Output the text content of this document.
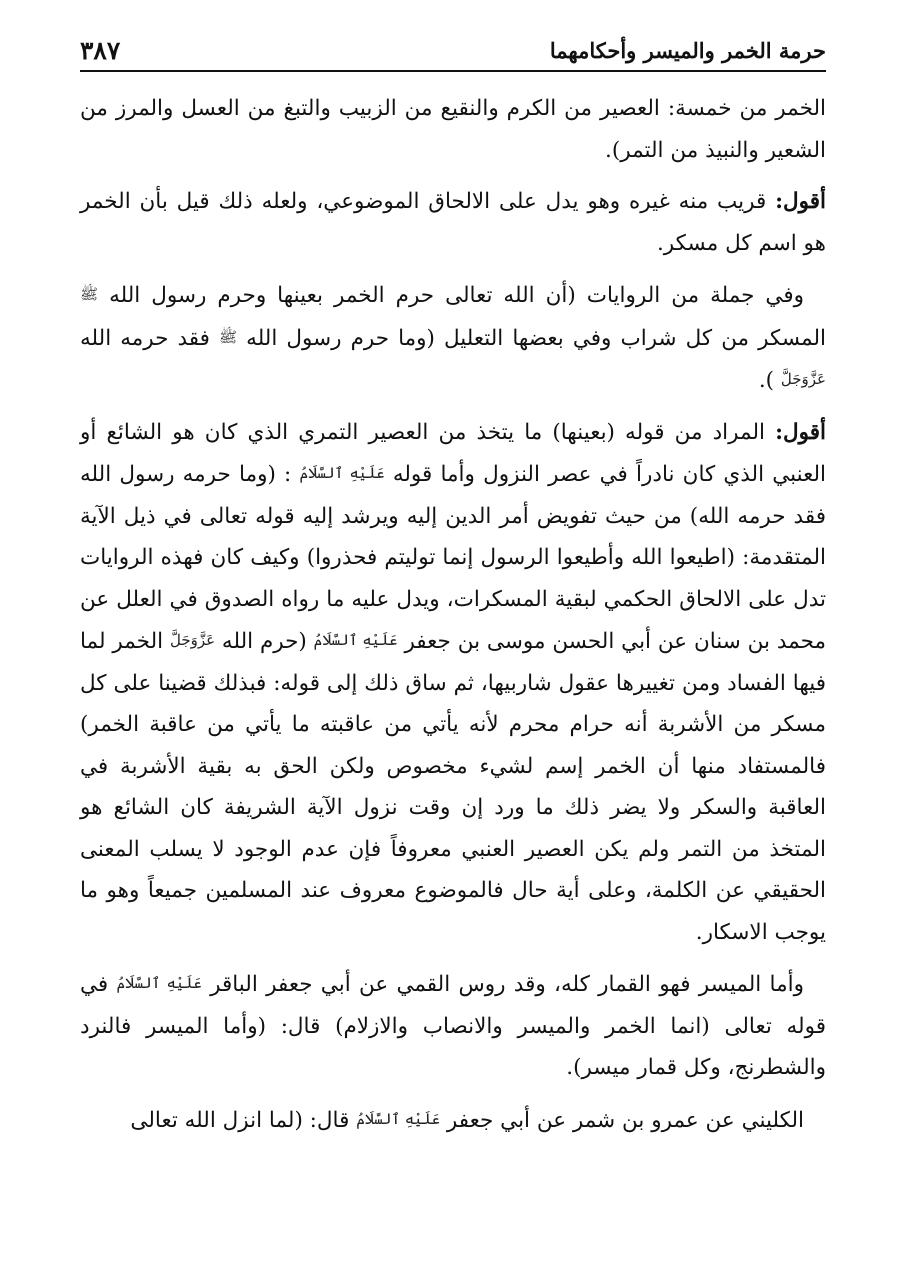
حرمة الخمر والميسر وأحكامهما
٣٨٧

الخمر من خمسة: العصير من الكرم والنقيع من الزبيب والتبغ من العسل والمرز من الشعير والنبيذ من التمر).

أقول: قريب منه غيره وهو يدل على الالحاق الموضوعي، ولعله ذلك قيل بأن الخمر هو اسم كل مسكر.

وفي جملة من الروايات (أن الله تعالى حرم الخمر بعينها وحرم رسول الله ﷺ المسكر من كل شراب وفي بعضها التعليل (وما حرم رسول الله ﷺ فقد حرمه الله عَزَّوَجَلَّ ).

أقول: المراد من قوله (بعينها) ما يتخذ من العصير التمري الذي كان هو الشائع أو العنبي الذي كان نادراً في عصر النزول وأما قوله عَلَيْهِ ٱلسَّلَامُ : (وما حرمه رسول الله فقد حرمه الله) من حيث تفويض أمر الدين إليه ويرشد إليه قوله تعالى في ذيل الآية المتقدمة: (اطيعوا الله وأطيعوا الرسول إنما توليتم فحذروا) وكيف كان فهذه الروايات تدل على الالحاق الحكمي لبقية المسكرات، ويدل عليه ما رواه الصدوق في العلل عن محمد بن سنان عن أبي الحسن موسى بن جعفر عَلَيْهِ ٱلسَّلَامُ (حرم الله عَزَّوَجَلَّ الخمر لما فيها الفساد ومن تغييرها عقول شاربيها، ثم ساق ذلك إلى قوله: فبذلك قضينا على كل مسكر من الأشربة أنه حرام محرم لأنه يأتي من عاقبته ما يأتي من عاقبة الخمر) فالمستفاد منها أن الخمر إسم لشيء مخصوص ولكن الحق به بقية الأشربة في العاقبة والسكر ولا يضر ذلك ما ورد إن وقت نزول الآية الشريفة كان الشائع هو المتخذ من التمر ولم يكن العصير العنبي معروفاً فإن عدم الوجود لا يسلب المعنى الحقيقي عن الكلمة، وعلى أية حال فالموضوع معروف عند المسلمين جميعاً وهو ما يوجب الاسكار.

وأما الميسر فهو القمار كله، وقد روس القمي عن أبي جعفر الباقر عَلَيْهِ ٱلسَّلَامُ في قوله تعالى (انما الخمر والميسر والانصاب والازلام) قال: (وأما الميسر فالنرد والشطرنج، وكل قمار ميسر).

الكليني عن عمرو بن شمر عن أبي جعفر عَلَيْهِ ٱلسَّلَامُ قال: (لما انزل الله تعالى
